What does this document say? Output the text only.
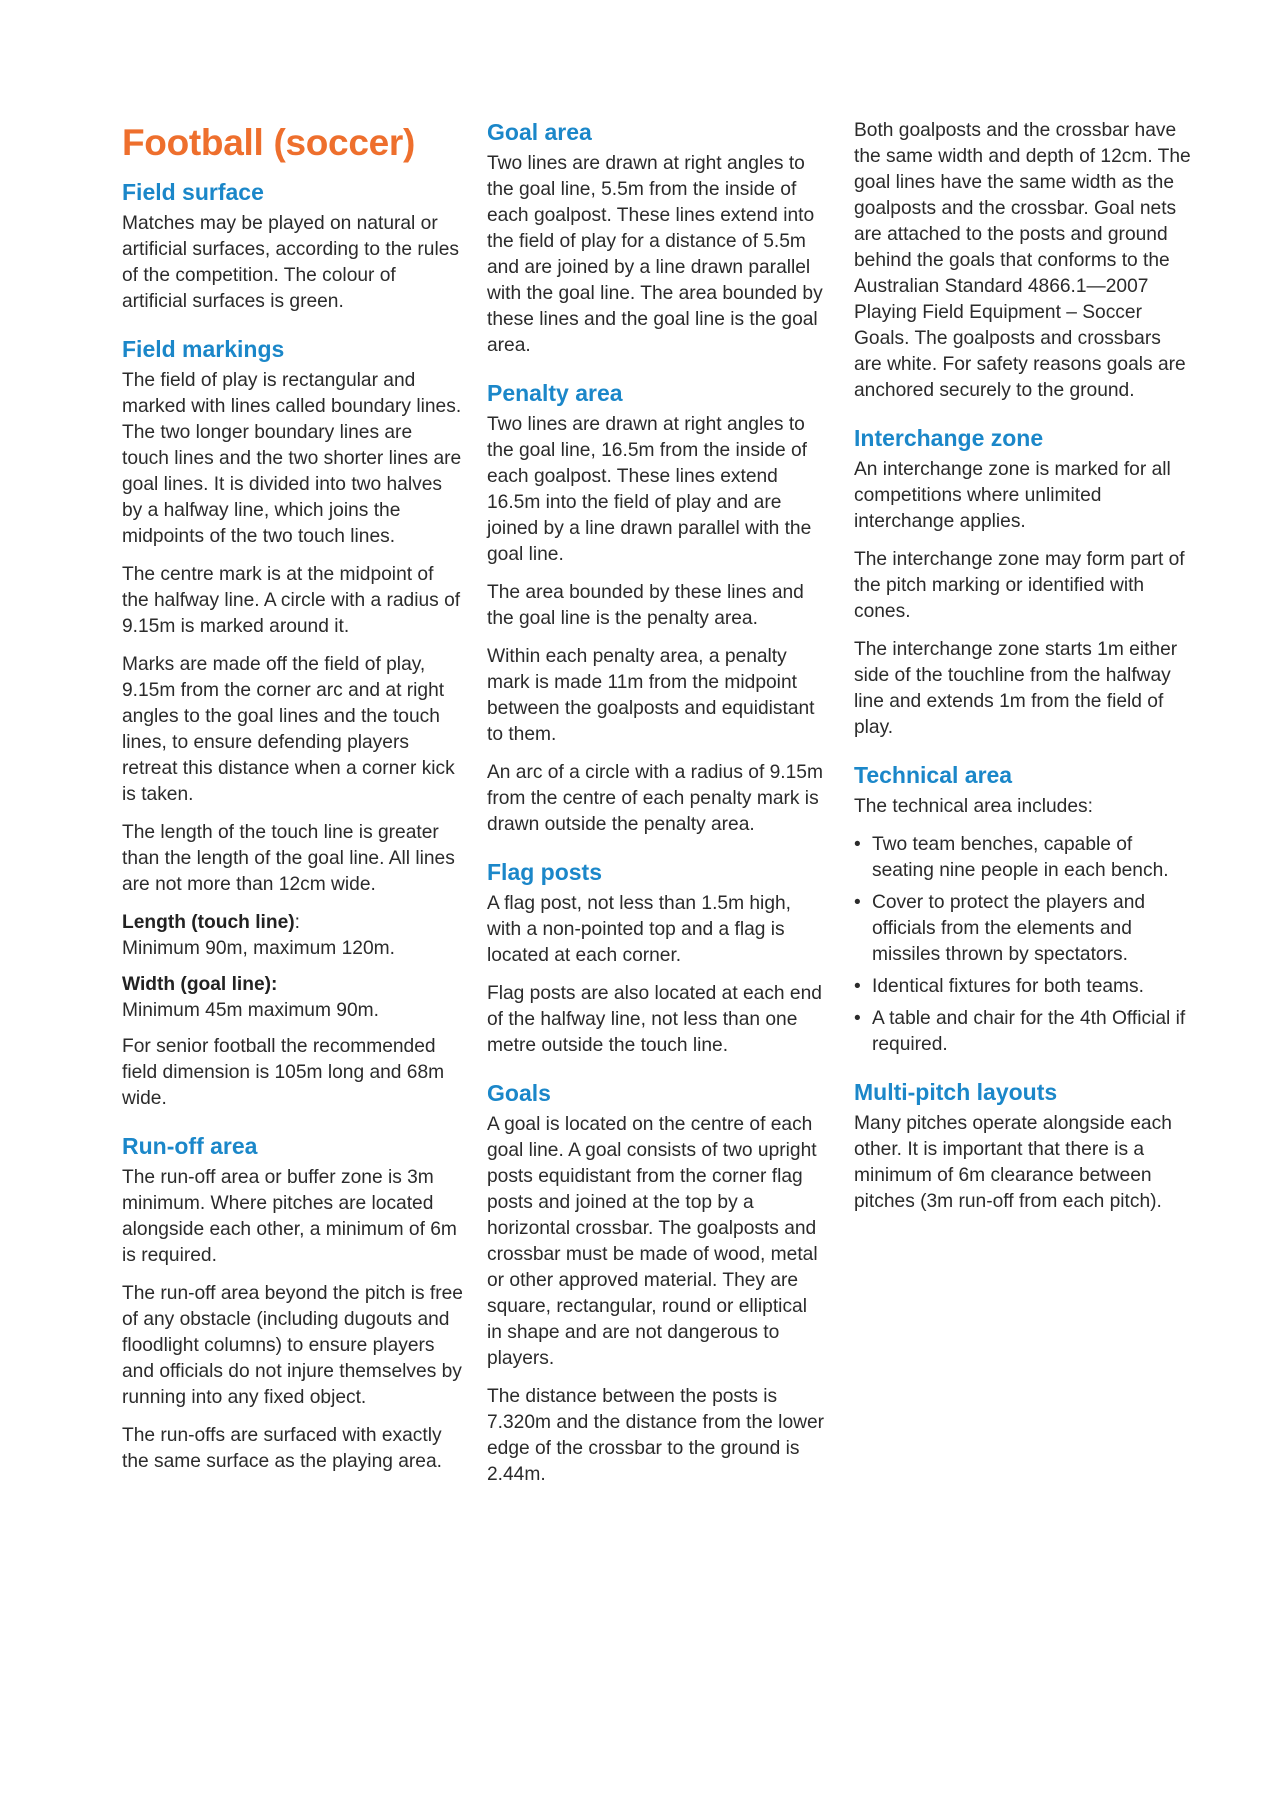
Football (soccer)
Field surface

Matches may be played on natural or artificial surfaces, according to the rules of the competition. The colour of artificial surfaces is green.

Field markings

The field of play is rectangular and marked with lines called boundary lines. The two longer boundary lines are touch lines and the two shorter lines are goal lines. It is divided into two halves by a halfway line, which joins the midpoints of the two touch lines.

The centre mark is at the midpoint of the halfway line. A circle with a radius of 9.15m is marked around it.

Marks are made off the field of play, 9.15m from the corner arc and at right angles to the goal lines and the touch lines, to ensure defending players retreat this distance when a corner kick is taken.

The length of the touch line is greater than the length of the goal line. All lines are not more than 12cm wide.

Length (touch line):
Minimum 90m, maximum 120m.

Width (goal line):
Minimum 45m maximum 90m.

For senior football the recommended field dimension is 105m long and 68m wide.

Run-off area

The run-off area or buffer zone is 3m minimum. Where pitches are located alongside each other, a minimum of 6m is required.

The run-off area beyond the pitch is free of any obstacle (including dugouts and floodlight columns) to ensure players and officials do not injure themselves by running into any fixed object.

The run-offs are surfaced with exactly the same surface as the playing area.

Goal area

Two lines are drawn at right angles to the goal line, 5.5m from the inside of each goalpost. These lines extend into the field of play for a distance of 5.5m and are joined by a line drawn parallel with the goal line. The area bounded by these lines and the goal line is the goal area.

Penalty area

Two lines are drawn at right angles to the goal line, 16.5m from the inside of each goalpost. These lines extend 16.5m into the field of play and are joined by a line drawn parallel with the goal line.

The area bounded by these lines and the goal line is the penalty area.

Within each penalty area, a penalty mark is made 11m from the midpoint between the goalposts and equidistant to them.

An arc of a circle with a radius of 9.15m from the centre of each penalty mark is drawn outside the penalty area.

Flag posts

A flag post, not less than 1.5m high, with a non-pointed top and a flag is located at each corner.

Flag posts are also located at each end of the halfway line, not less than one metre outside the touch line.

Goals

A goal is located on the centre of each goal line. A goal consists of two upright posts equidistant from the corner flag posts and joined at the top by a horizontal crossbar. The goalposts and crossbar must be made of wood, metal or other approved material. They are square, rectangular, round or elliptical in shape and are not dangerous to players.

The distance between the posts is 7.320m and the distance from the lower edge of the crossbar to the ground is 2.44m.

Both goalposts and the crossbar have the same width and depth of 12cm. The goal lines have the same width as the goalposts and the crossbar. Goal nets are attached to the posts and ground behind the goals that conforms to the Australian Standard 4866.1—2007 Playing Field Equipment – Soccer Goals. The goalposts and crossbars are white. For safety reasons goals are anchored securely to the ground.

Interchange zone

An interchange zone is marked for all competitions where unlimited interchange applies.

The interchange zone may form part of the pitch marking or identified with cones.

The interchange zone starts 1m either side of the touchline from the halfway line and extends 1m from the field of play.

Technical area

The technical area includes:

• Two team benches, capable of seating nine people in each bench.
• Cover to protect the players and officials from the elements and missiles thrown by spectators.
• Identical fixtures for both teams.
• A table and chair for the 4th Official if required.
Multi-pitch layouts

Many pitches operate alongside each other. It is important that there is a minimum of 6m clearance between pitches (3m run-off from each pitch).
